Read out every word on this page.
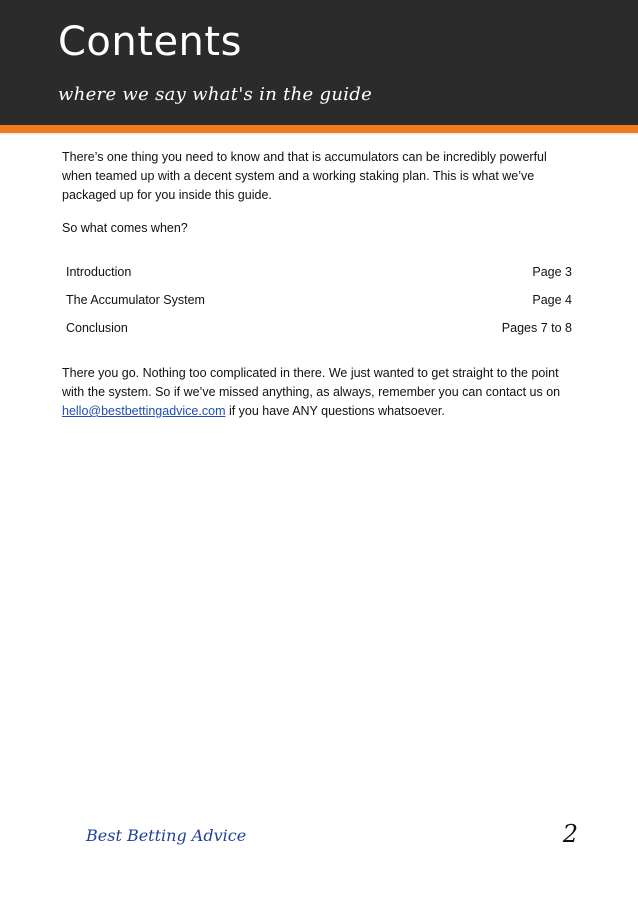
Contents

where we say what's in the guide

There’s one thing you need to know and that is accumulators can be incredibly powerful when teamed up with a decent system and a working staking plan. This is what we’ve packaged up for you inside this guide.

So what comes when?

Introduction	Page 3
The Accumulator System	Page 4
Conclusion	Pages 7 to 8

There you go. Nothing too complicated in there. We just wanted to get straight to the point with the system. So if we’ve missed anything, as always, remember you can contact us on hello@bestbettingadvice.com if you have ANY questions whatsoever.

Best Betting Advice	2
